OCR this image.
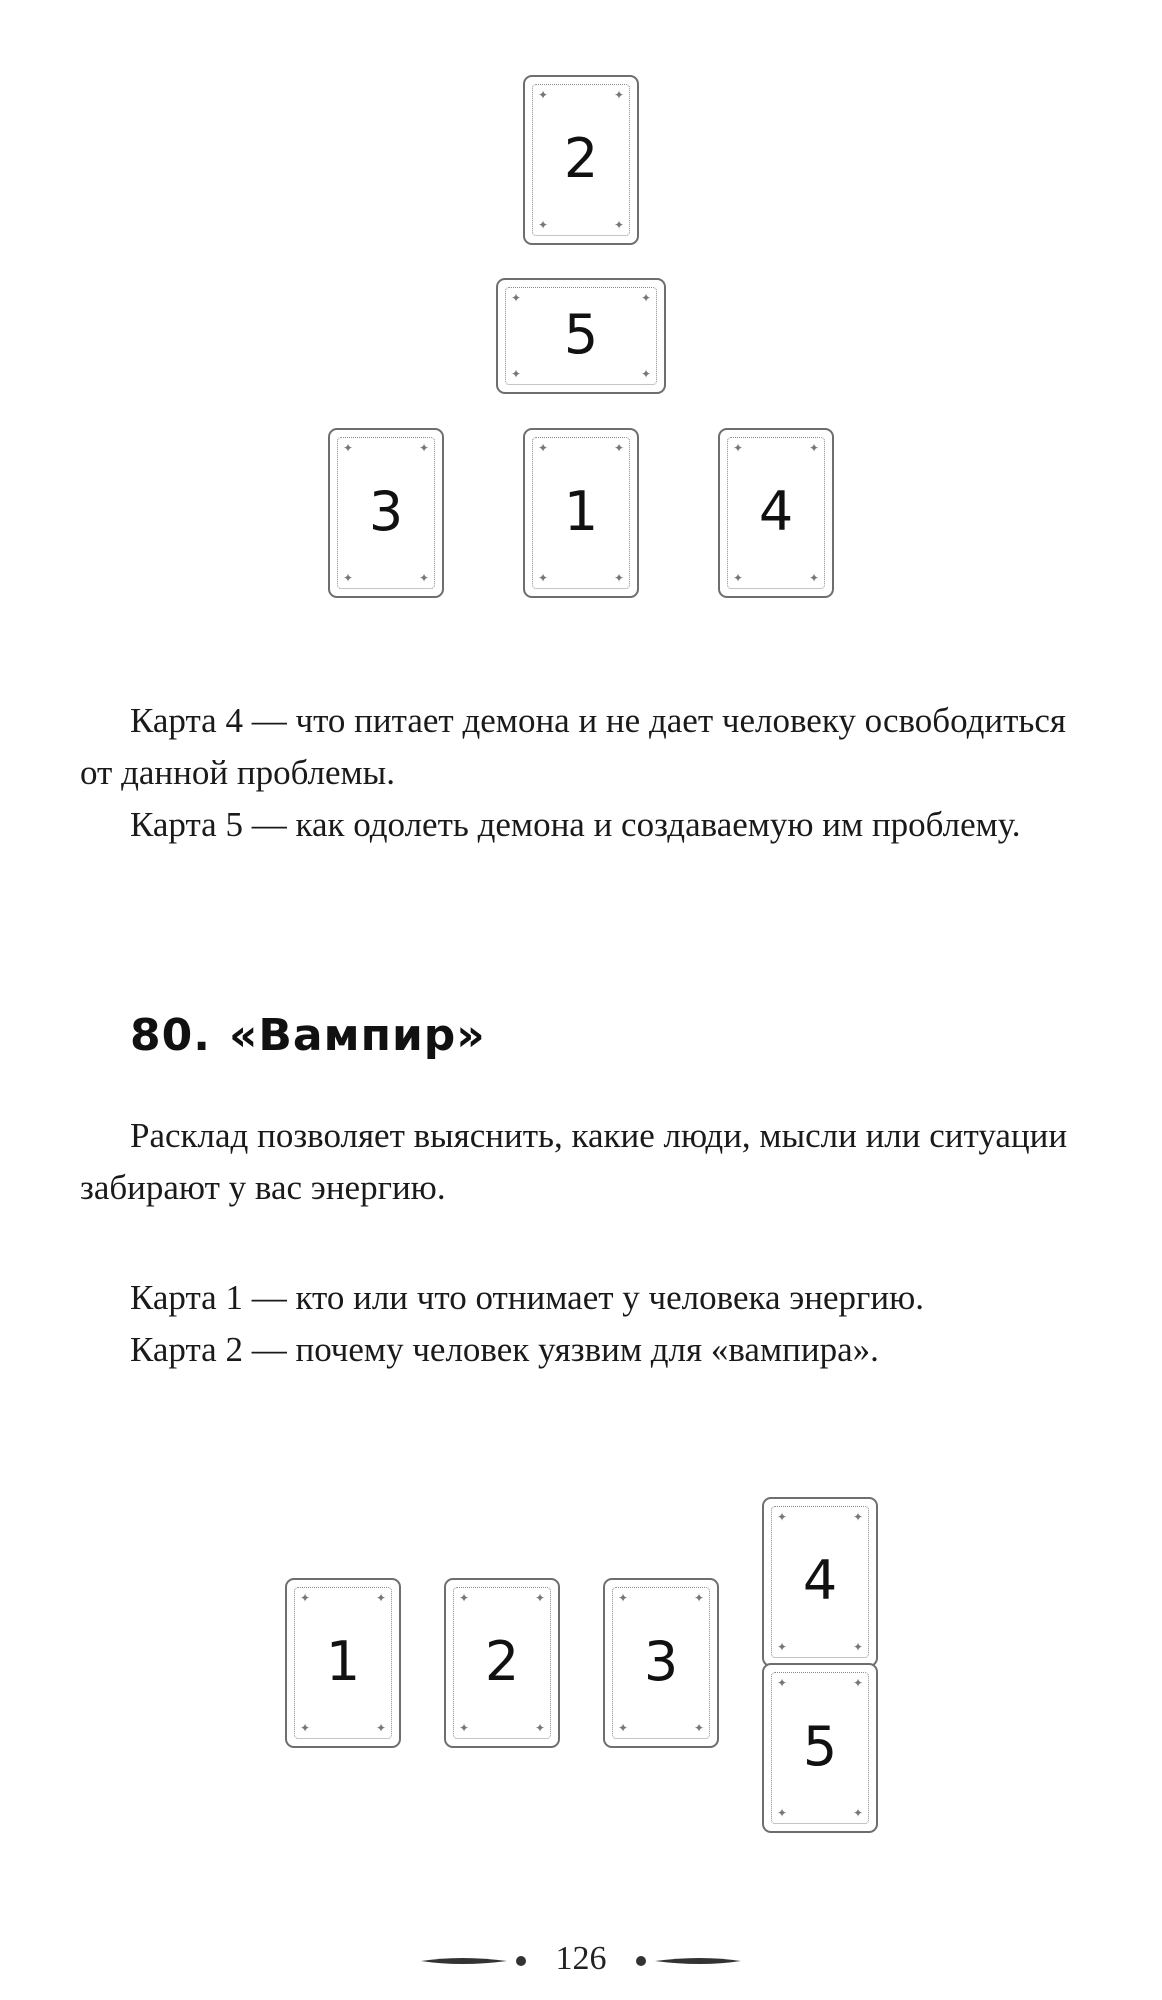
✦	✦
✦	✦
2
✦	✦
✦	✦
5
✦	✦
✦	✦
3
✦	✦
✦	✦
1
✦	✦
✦	✦
4

Карта 4 — что питает демона и не дает человеку освободиться от данной проблемы.

Карта 5 — как одолеть демона и создаваемую им проблему.

80. «Вампир»

Расклад позволяет выяснить, какие люди, мысли или ситуации забирают у вас энергию.

Карта 1 — кто или что отнимает у человека энергию.

Карта 2 — почему человек уязвим для «вампира».

✦	✦
✦	✦
1
✦	✦
✦	✦
2
✦	✦
✦	✦
3
✦	✦
✦	✦
4
✦	✦
✦	✦
5
126
